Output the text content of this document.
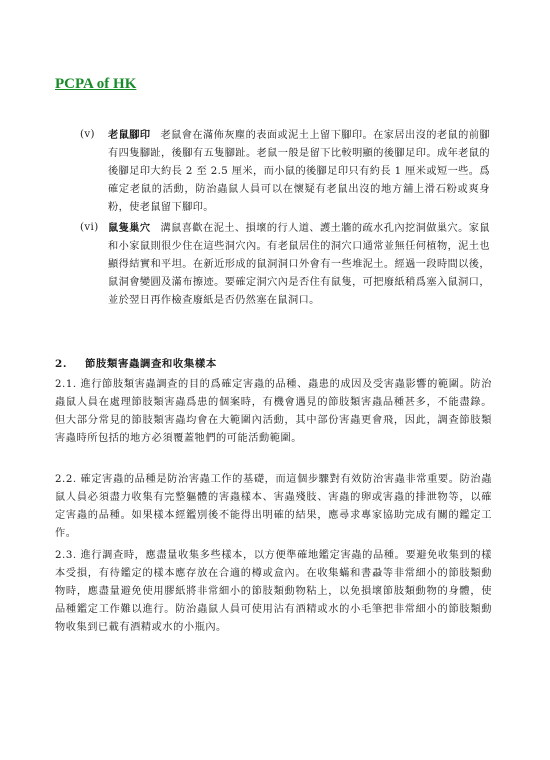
PCPA of HK
(v) 老鼠腳印 老鼠會在滿佈灰塵的表面或泥土上留下腳印。在家居出沒的老鼠的前腳有四隻腳趾，後腳有五隻腳趾。老鼠一般是留下比較明顯的後腳足印。成年老鼠的後腳足印大約長 2 至 2.5 厘米，而小鼠的後腳足印只有約長 1 厘米或短一些。爲確定老鼠的活動，防治蟲鼠人員可以在懷疑有老鼠出沒的地方舖上滑石粉或爽身粉，使老鼠留下腳印。
(vi) 鼠隻巢穴 溝鼠喜歡在泥土、損壞的行人道、護土牆的疏水孔內挖洞做巢穴。家鼠和小家鼠則很少住在這些洞穴內。有老鼠居住的洞穴口通常並無任何植物，泥土也顯得結實和平坦。在新近形成的鼠洞洞口外會有一些堆泥土。經過一段時間以後，鼠洞會變圓及滿布擦迹。要確定洞穴內是否住有鼠隻，可把廢紙稍爲塞入鼠洞口，並於翌日再作檢查廢紙是否仍然塞在鼠洞口。
2. 節肢類害蟲調查和收集樣本

2.1. 進行節肢類害蟲調查的目的爲確定害蟲的品種、蟲患的成因及受害蟲影響的範圍。防治蟲鼠人員在處理節肢類害蟲爲患的個案時，有機會遇見的節肢類害蟲品種甚多，不能盡錄。但大部分常見的節肢類害蟲均會在大範圍內活動，其中部份害蟲更會飛，因此，調查節肢類害蟲時所包括的地方必須覆蓋牠們的可能活動範圍。

2.2. 確定害蟲的品種是防治害蟲工作的基礎，而這個步驟對有效防治害蟲非常重要。防治蟲鼠人員必須盡力收集有完整軀體的害蟲樣本、害蟲殘肢、害蟲的卵或害蟲的排泄物等，以確定害蟲的品種。如果樣本經鑑別後不能得出明確的結果，應尋求專家協助完成有關的鑑定工作。

2.3. 進行調查時，應盡量收集多些樣本，以方便準確地鑑定害蟲的品種。要避免收集到的樣本受損，有待鑑定的樣本應存放在合適的樽或盒內。在收集蟎和書蝨等非常細小的節肢類動物時，應盡量避免使用膠紙將非常細小的節肢類動物粘上，以免損壞節肢類動物的身體，使品種鑑定工作難以進行。防治蟲鼠人員可使用沾有酒精或水的小毛筆把非常細小的節肢類動物收集到已載有酒精或水的小瓶內。
